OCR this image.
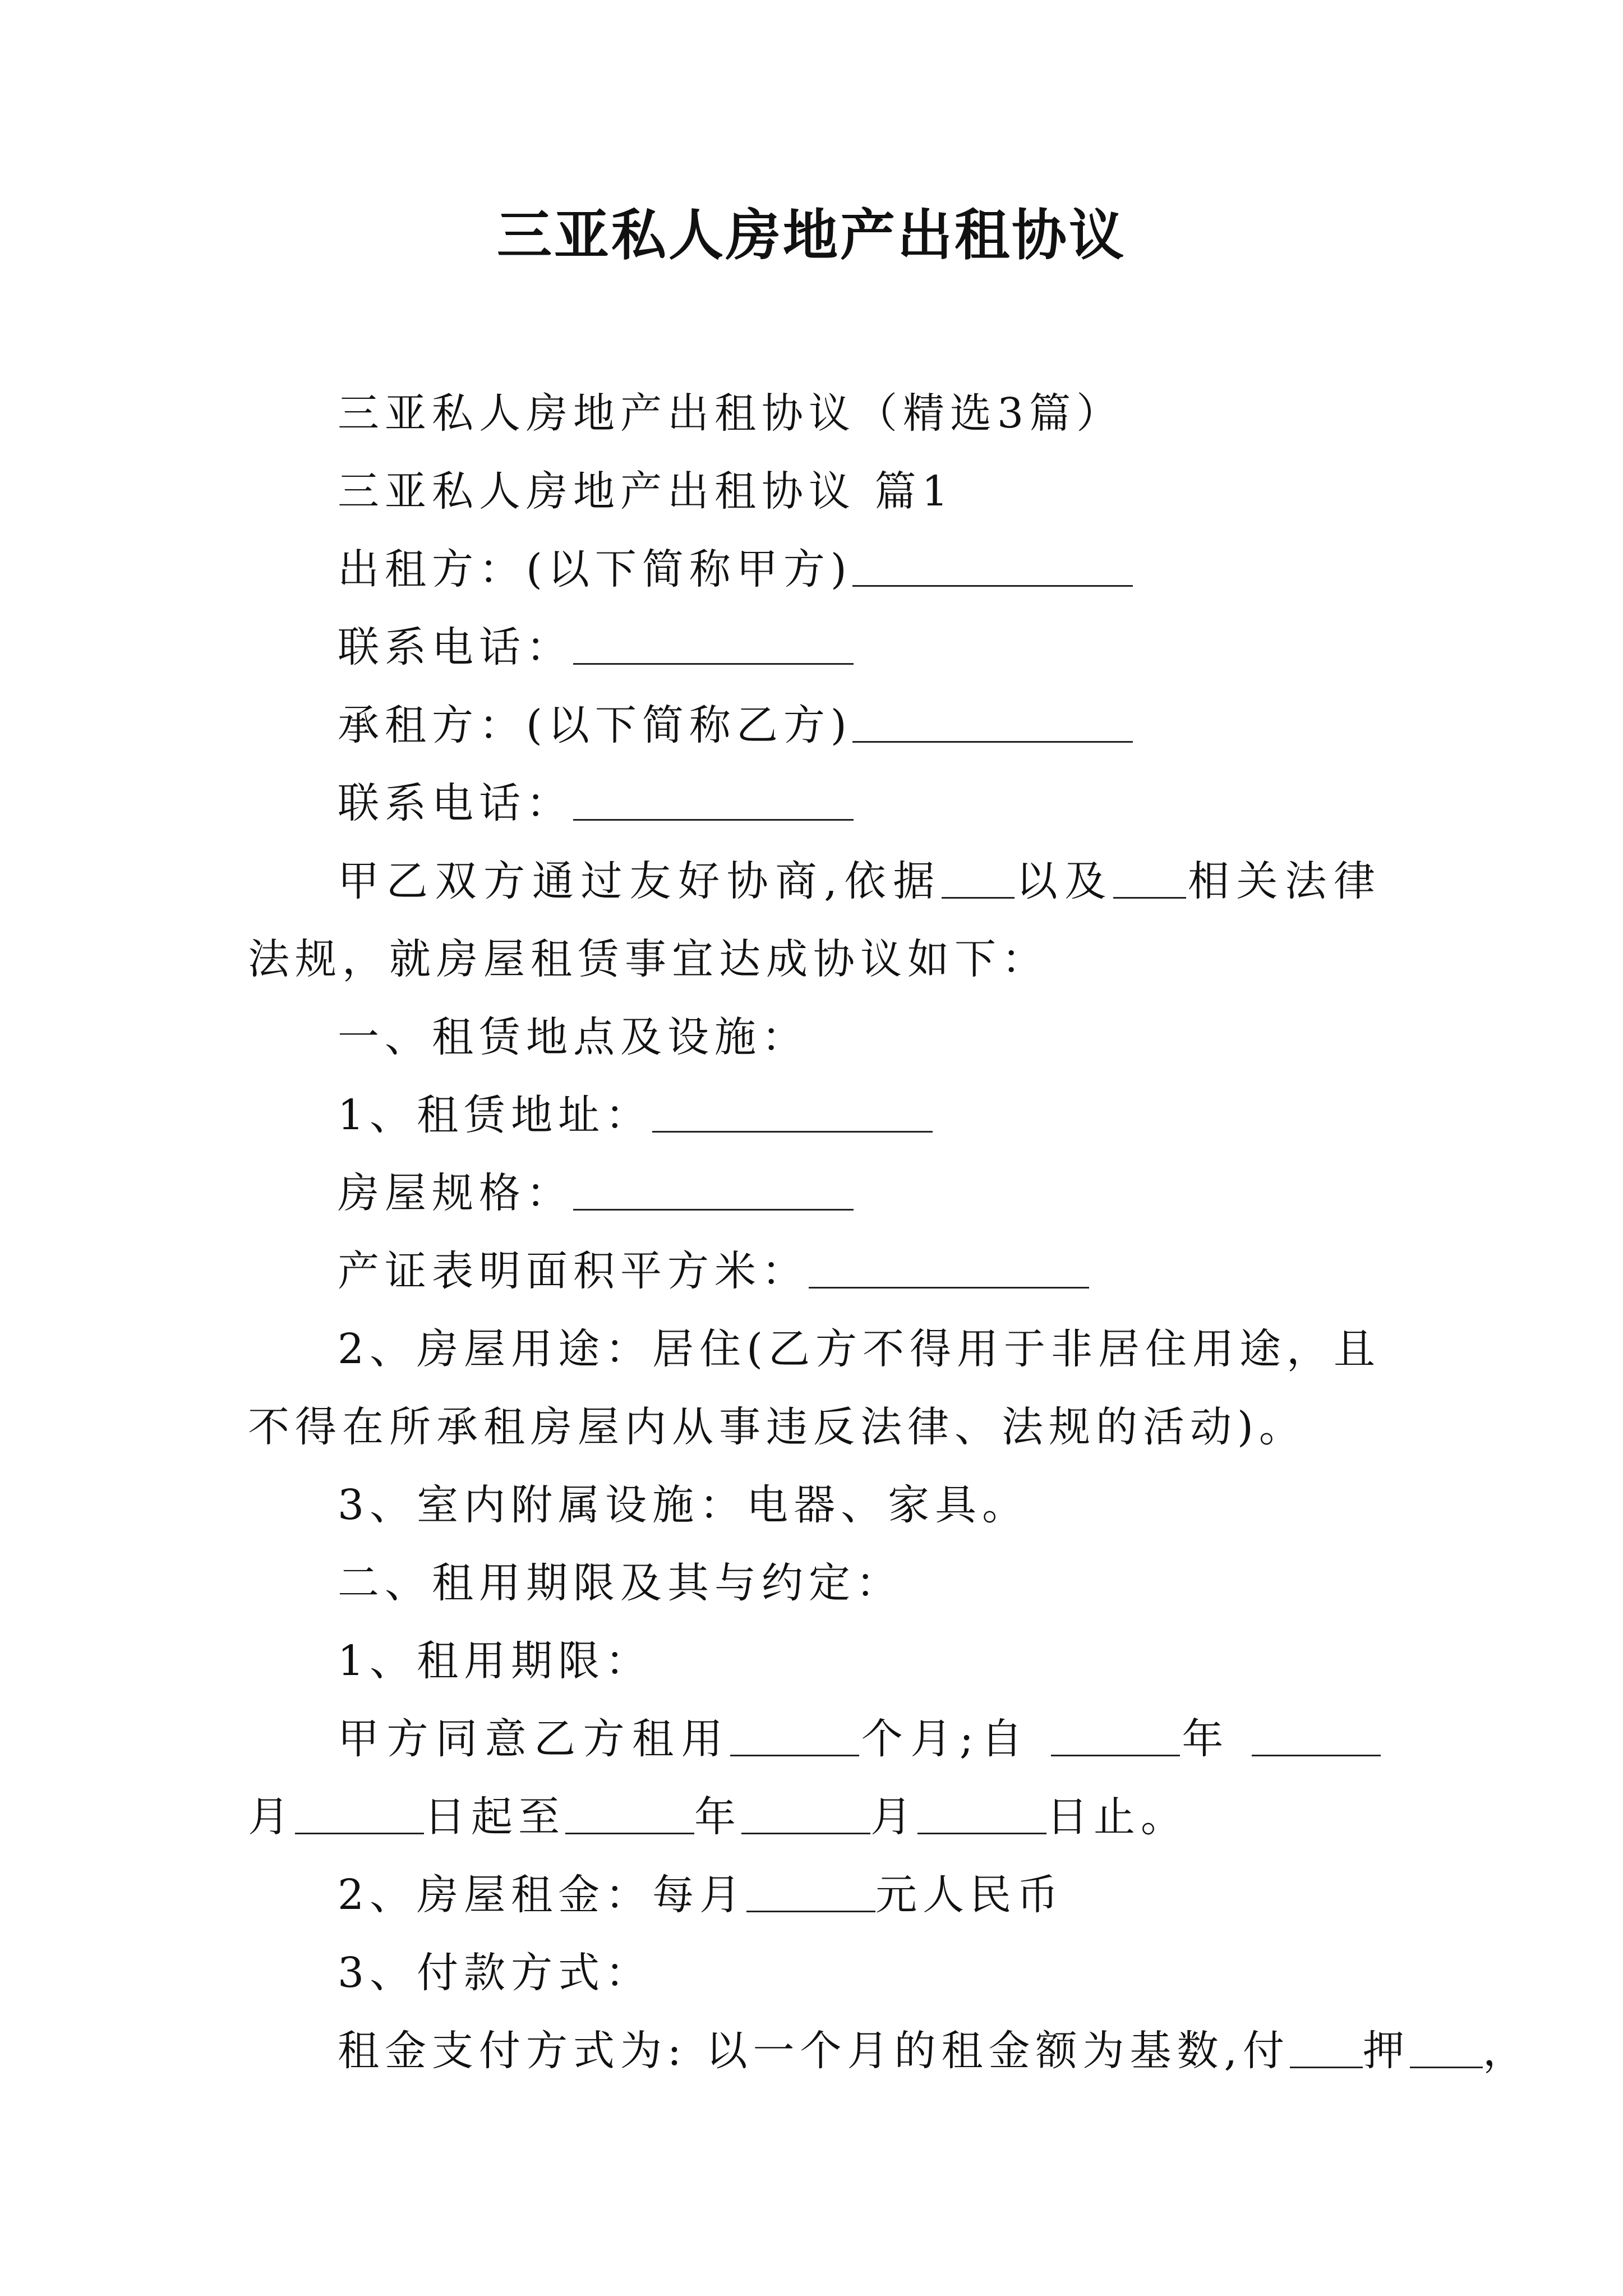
三亚私人房地产出租协议

三亚私人房地产出租协议（精选3篇）

三亚私人房地产出租协议 篇1

出租方：(以下简称甲方)

联系电话：

承租方：(以下简称乙方)

联系电话：

甲乙双方通过友好协商,依据 以及 相关法律法规，就房屋租赁事宜达成协议如下：

一、租赁地点及设施：

1、租赁地址：

房屋规格：

产证表明面积平方米：

2、房屋用途：居住(乙方不得用于非居住用途，且不得在所承租房屋内从事违反法律、法规的活动)。

3、室内附属设施：电器、家具。

二、租用期限及其与约定：

1、租用期限：

甲方同意乙方租用	个月;自	年 月	日起至	年	月	日止。

2、房屋租金：每月	元人民币

3、付款方式：

租金支付方式为: 以一个月的租金额为基数,付 押 ，
